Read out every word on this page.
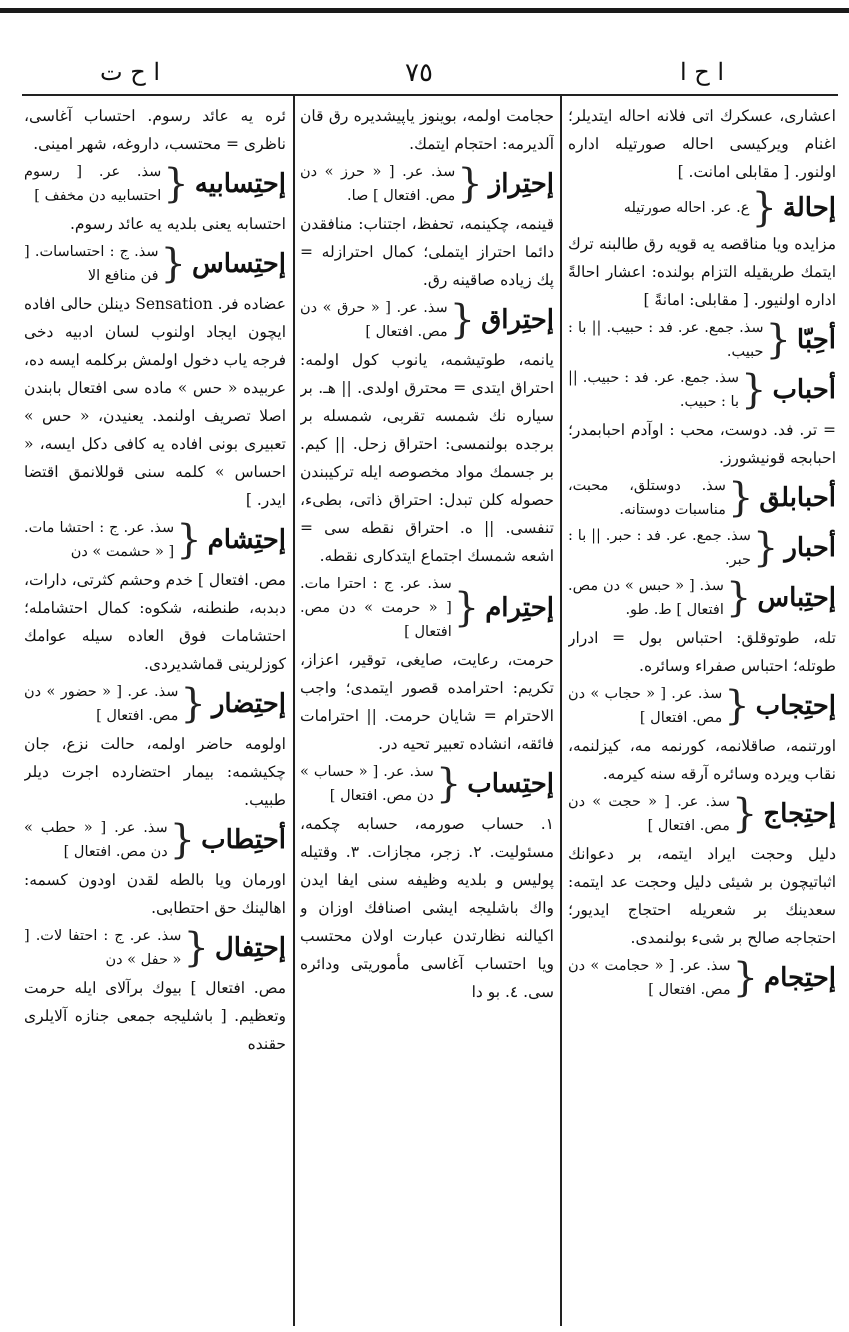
ا ح ت	٧٥	ا ح ا
اعشاری، عسکرك اتی فلانه احاله ایتدیلر؛ اغنام ویرکیسی احاله صورتیله اداره اولنور. [ مقابلی امانت. ]
إحالة
{
ع. عر. احاله صورتیله
مزایده ویا مناقصه یه قویه رق طالبنه ترك ایتمك طریقیله التزام بولنده: اعشار احالةً اداره اولنیور. [ مقابلی: امانةً ]
أحِبّا
{
سذ. جمع. عر. فد : حبیب. || با : حبیب.
أحباب
{
سذ. جمع. عر. فد : حبیب. || با : حبیب.
= تر. فد. دوست، محب : اوآدم احبابمدر؛ احبابجه قونیشورز.
أحبابلق
{
سذ. دوستلق، محبت، مناسبات دوستانه.
أحبار
{
سذ. جمع. عر. فد : حبر. || با : حبر.
إحتِباس
{
سذ. [ « حبس » دن مص. افتعال ] ط. طو.
تله، طوتوقلق: احتباس بول = ادرار طوتله؛ احتباس صفراء وسائره.
إحتِجاب
{
سذ. عر. [ « حجاب » دن مص. افتعال ]
اورتنمه، صاقلانمه، کورنمه مه، کیزلنمه، نقاب ویرده وسائره آرقه سنه کیرمه.
إحتِجاج
{
سذ. عر. [ « حجت » دن مص. افتعال ]
دلیل وحجت ایراد ایتمه، بر دعوانك اثباتیچون بر شیئی دلیل وحجت عد ایتمه: سعدینك بر شعریله احتجاج ایدیور؛ احتجاجه صالح بر شیء بولنمدی.
إحتِجام
{
سذ. عر. [ « حجامت » دن مص. افتعال ]
حجامت اولمه، بوینوز یاپیشدیره رق قان آلدیرمه: احتجام ایتمك.
إحتِراز
{
سذ. عر. [ « حرز » دن مص. افتعال ] صا.
قینمه، چکینمه، تحفظ، اجتناب: منافقدن دائما احتراز ایتملی؛ کمال احترازله = پك زیاده صاقینه رق.
إحتِراق
{
سذ. عر. [ « حرق » دن مص. افتعال ]
یانمه، طوتیشمه، یانوب کول اولمه: احتراق ایتدی = محترق اولدی. || هـ. بر سیاره نك شمسه تقربی، شمسله بر برجده بولنمسی: احتراق زحل. || کیم. بر جسمك مواد مخصوصه ایله ترکیبندن حصوله کلن تبدل: احتراق ذاتی، بطیء، تنفسی. || ه. احتراق نقطه سی = اشعه شمسك اجتماع ایتدکاری نقطه.
إحتِرام
{
سذ. عر. ج : احترا مات. [ « حرمت » دن مص. افتعال ]
حرمت، رعایت، صایغی، توقیر، اعزاز، تکریم: احترامده قصور ایتمدی؛ واجب الاحترام = شایان حرمت. || احترامات فائقه، انشاده تعبیر تحیه در.
إحتِساب
{
سذ. عر. [ « حساب » دن مص. افتعال ]
١. حساب صورمه، حسابه چکمه، مسئولیت. ٢. زجر، مجازات. ٣. وقتیله پولیس و بلدیه وظیفه سنی ایفا ایدن واك باشلیجه ایشی اصنافك اوزان و اکیالنه نظارتدن عبارت اولان محتسب ویا احتساب آغاسی مأموریتی ودائره سی. ٤. بو دا
ئره یه عائد رسوم. احتساب آغاسی، ناظری = محتسب، داروغه، شهر امینی.
إحتِسابیه
{
سذ. عر. [ رسوم احتسابیه دن مخفف ]
احتسابه یعنی بلدیه یه عائد رسوم.
إحتِساس
{
سذ. ج : احتساسات. [ فن منافع الا
عضاده فر. Sensation دینلن حالی افاده ایچون ایجاد اولنوب لسان ادبیه دخی فرجه یاب دخول اولمش برکلمه ایسه ده، عربیده « حس » ماده سی افتعال بابندن اصلا تصریف اولنمد. یعنیدن، « حس » تعبیری بونی افاده یه کافی دکل ایسه، « احساس » کلمه سنی قوللانمق اقتضا ایدر. ]
إحتِشام
{
سذ. عر. ج : احتشا مات. [ « حشمت » دن
مص. افتعال ] خدم وحشم کثرتی، دارات، دبدبه، طنطنه، شکوه: کمال احتشامله؛ احتشامات فوق العاده سیله عوامك کوزلرینی قماشدیردی.
إحتِضار
{
سذ. عر. [ « حضور » دن مص. افتعال ]
اولومه حاضر اولمه، حالت نزع، جان چکیشمه: بیمار احتضارده اجرت دیلر طبیب.
أحتِطاب
{
سذ. عر. [ « حطب » دن مص. افتعال ]
اورمان ویا بالطه لقدن اودون کسمه: اهالینك حق احتطابی.
إحتِفال
{
سذ. عر. ج : احتفا لات. [ « حفل » دن
مص. افتعال ] بیوك برآلای ایله حرمت وتعظیم. [ باشلیجه جمعی جنازه آلایلری حقنده
